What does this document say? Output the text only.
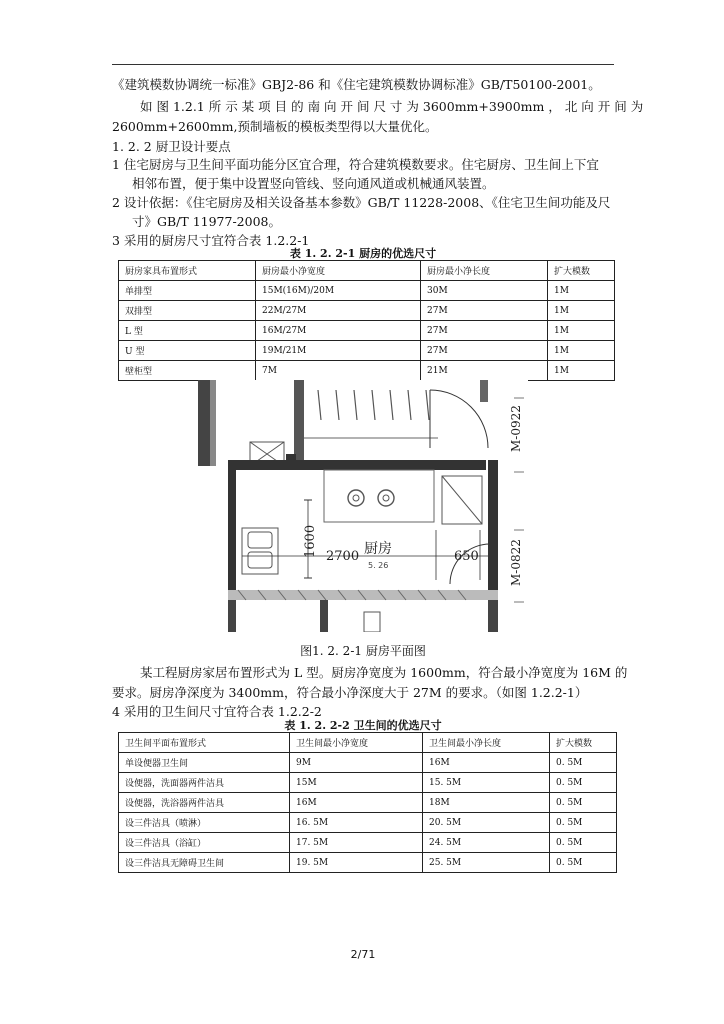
《建筑模数协调统一标准》GBJ2-86 和《住宅建筑模数协调标准》GB/T50100-2001。
如 图 1.2.1 所 示 某 项 目 的 南 向 开 间 尺 寸 为 3600mm+3900mm ， 北 向 开 间 为
2600mm+2600mm,预制墙板的模板类型得以大量优化。
1. 2. 2 厨卫设计要点
1 住宅厨房与卫生间平面功能分区宜合理，符合建筑模数要求。住宅厨房、卫生间上下宜
相邻布置，便于集中设置竖向管线、竖向通风道或机械通风装置。
2 设计依据：《住宅厨房及相关设备基本参数》GB/T 11228-2008、《住宅卫生间功能及尺
寸》GB/T 11977-2008。
3 采用的厨房尺寸宜符合表 1.2.2-1
表 1. 2. 2-1 厨房的优选尺寸
厨房家具布置形式	厨房最小净宽度	厨房最小净长度	扩大模数
单排型	15M(16M)/20M	30M	1M
双排型	22M/27M	27M	1M
L 型	16M/27M	27M	1M
U 型	19M/21M	27M	1M
壁柜型	7M	21M	1M
1600 2700 厨房
5. 26
650
M-0922
M-0822
图1. 2. 2-1 厨房平面图
某工程厨房家居布置形式为 L 型。厨房净宽度为 1600mm，符合最小净宽度为 16M 的
要求。厨房净深度为 3400mm，符合最小净深度大于 27M 的要求。（如图 1.2.2-1）
4 采用的卫生间尺寸宜符合表 1.2.2-2
表 1. 2. 2-2 卫生间的优选尺寸
卫生间平面布置形式	卫生间最小净宽度	卫生间最小净长度	扩大模数
单设便器卫生间	9M	16M	0. 5M
设便器，洗面器两件洁具	15M	15. 5M	0. 5M
设便器，洗浴器两件洁具	16M	18M	0. 5M
设三件洁具（喷淋）	16. 5M	20. 5M	0. 5M
设三件洁具（浴缸）	17. 5M	24. 5M	0. 5M
设三件洁具无障碍卫生间	19. 5M	25. 5M	0. 5M
2/71
